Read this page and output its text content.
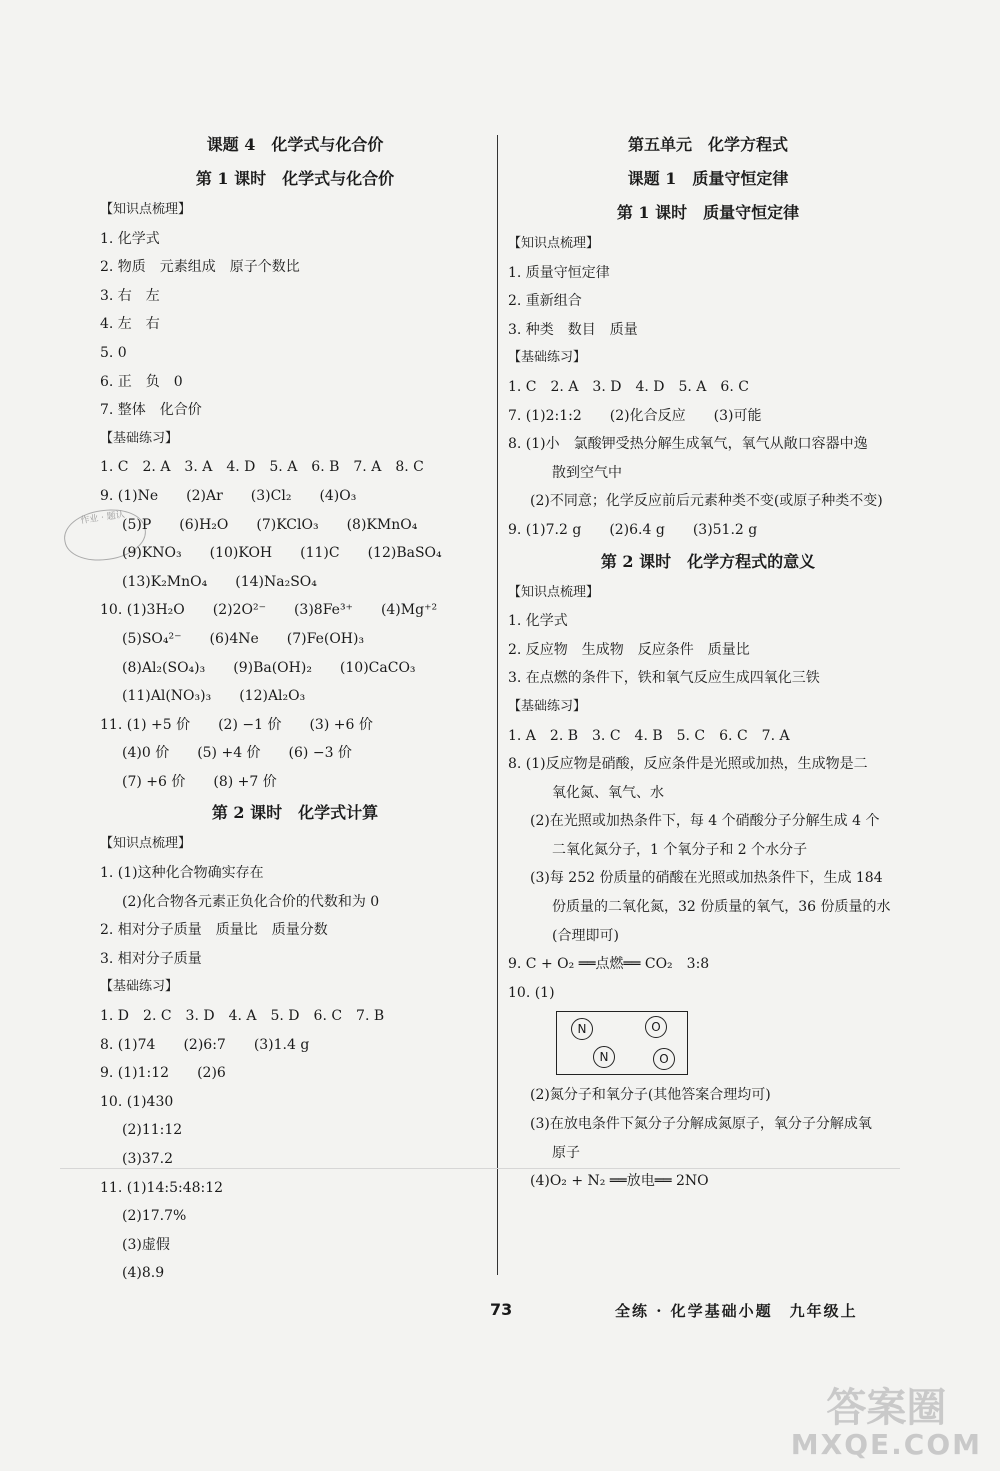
作业 · 题认
课题 4　化学式与化合价
第 1 课时　化学式与化合价
【知识点梳理】
1. 化学式
2. 物质　元素组成　原子个数比
3. 右　左
4. 左　右
5. 0
6. 正　负　0
7. 整体　化合价
【基础练习】
1. C　2. A　3. A　4. D　5. A　6. B　7. A　8. C
9. (1)Ne　　(2)Ar　　(3)Cl₂　　(4)O₃
(5)P　　(6)H₂O　　(7)KClO₃　　(8)KMnO₄
(9)KNO₃　　(10)KOH　　(11)C　　(12)BaSO₄
(13)K₂MnO₄　　(14)Na₂SO₄
10. (1)3H₂O　　(2)2O²⁻　　(3)8Fe³⁺　　(4)Mg⁺²
(5)SO₄²⁻　　(6)4Ne　　(7)Fe(OH)₃
(8)Al₂(SO₄)₃　　(9)Ba(OH)₂　　(10)CaCO₃
(11)Al(NO₃)₃　　(12)Al₂O₃
11. (1) +5 价　　(2) −1 价　　(3) +6 价
(4)0 价　　(5) +4 价　　(6) −3 价
(7) +6 价　　(8) +7 价
第 2 课时　化学式计算
【知识点梳理】
1. (1)这种化合物确实存在
(2)化合物各元素正负化合价的代数和为 0
2. 相对分子质量　质量比　质量分数
3. 相对分子质量
【基础练习】
1. D　2. C　3. D　4. A　5. D　6. C　7. B
8. (1)74　　(2)6:7　　(3)1.4 g
9. (1)1:12　　(2)6
10. (1)430
(2)11:12
(3)37.2
11. (1)14:5:48:12
(2)17.7%
(3)虚假
(4)8.9
第五单元　化学方程式
课题 1　质量守恒定律
第 1 课时　质量守恒定律
【知识点梳理】
1. 质量守恒定律
2. 重新组合
3. 种类　数目　质量
【基础练习】
1. C　2. A　3. D　4. D　5. A　6. C
7. (1)2:1:2　　(2)化合反应　　(3)可能
8. (1)小　氯酸钾受热分解生成氧气，氧气从敞口容器中逸
散到空气中
(2)不同意；化学反应前后元素种类不变(或原子种类不变)
9. (1)7.2 g　　(2)6.4 g　　(3)51.2 g
第 2 课时　化学方程式的意义
【知识点梳理】
1. 化学式
2. 反应物　生成物　反应条件　质量比
3. 在点燃的条件下，铁和氧气反应生成四氧化三铁
【基础练习】
1. A　2. B　3. C　4. B　5. C　6. C　7. A
8. (1)反应物是硝酸，反应条件是光照或加热，生成物是二
氧化氮、氧气、水
(2)在光照或加热条件下，每 4 个硝酸分子分解生成 4 个
二氧化氮分子，1 个氧分子和 2 个水分子
(3)每 252 份质量的硝酸在光照或加热条件下，生成 184
份质量的二氧化氮，32 份质量的氧气，36 份质量的水
(合理即可)
9. C + O₂ ══点燃══ CO₂　3:8
10. (1)
N	O
N	O
(2)氮分子和氧分子(其他答案合理均可)
(3)在放电条件下氮分子分解成氮原子，氧分子分解成氧
原子
(4)O₂ + N₂ ══放电══ 2NO
73	全练 · 化学基础小题　九年级上
答案圈
MXQE.COM
